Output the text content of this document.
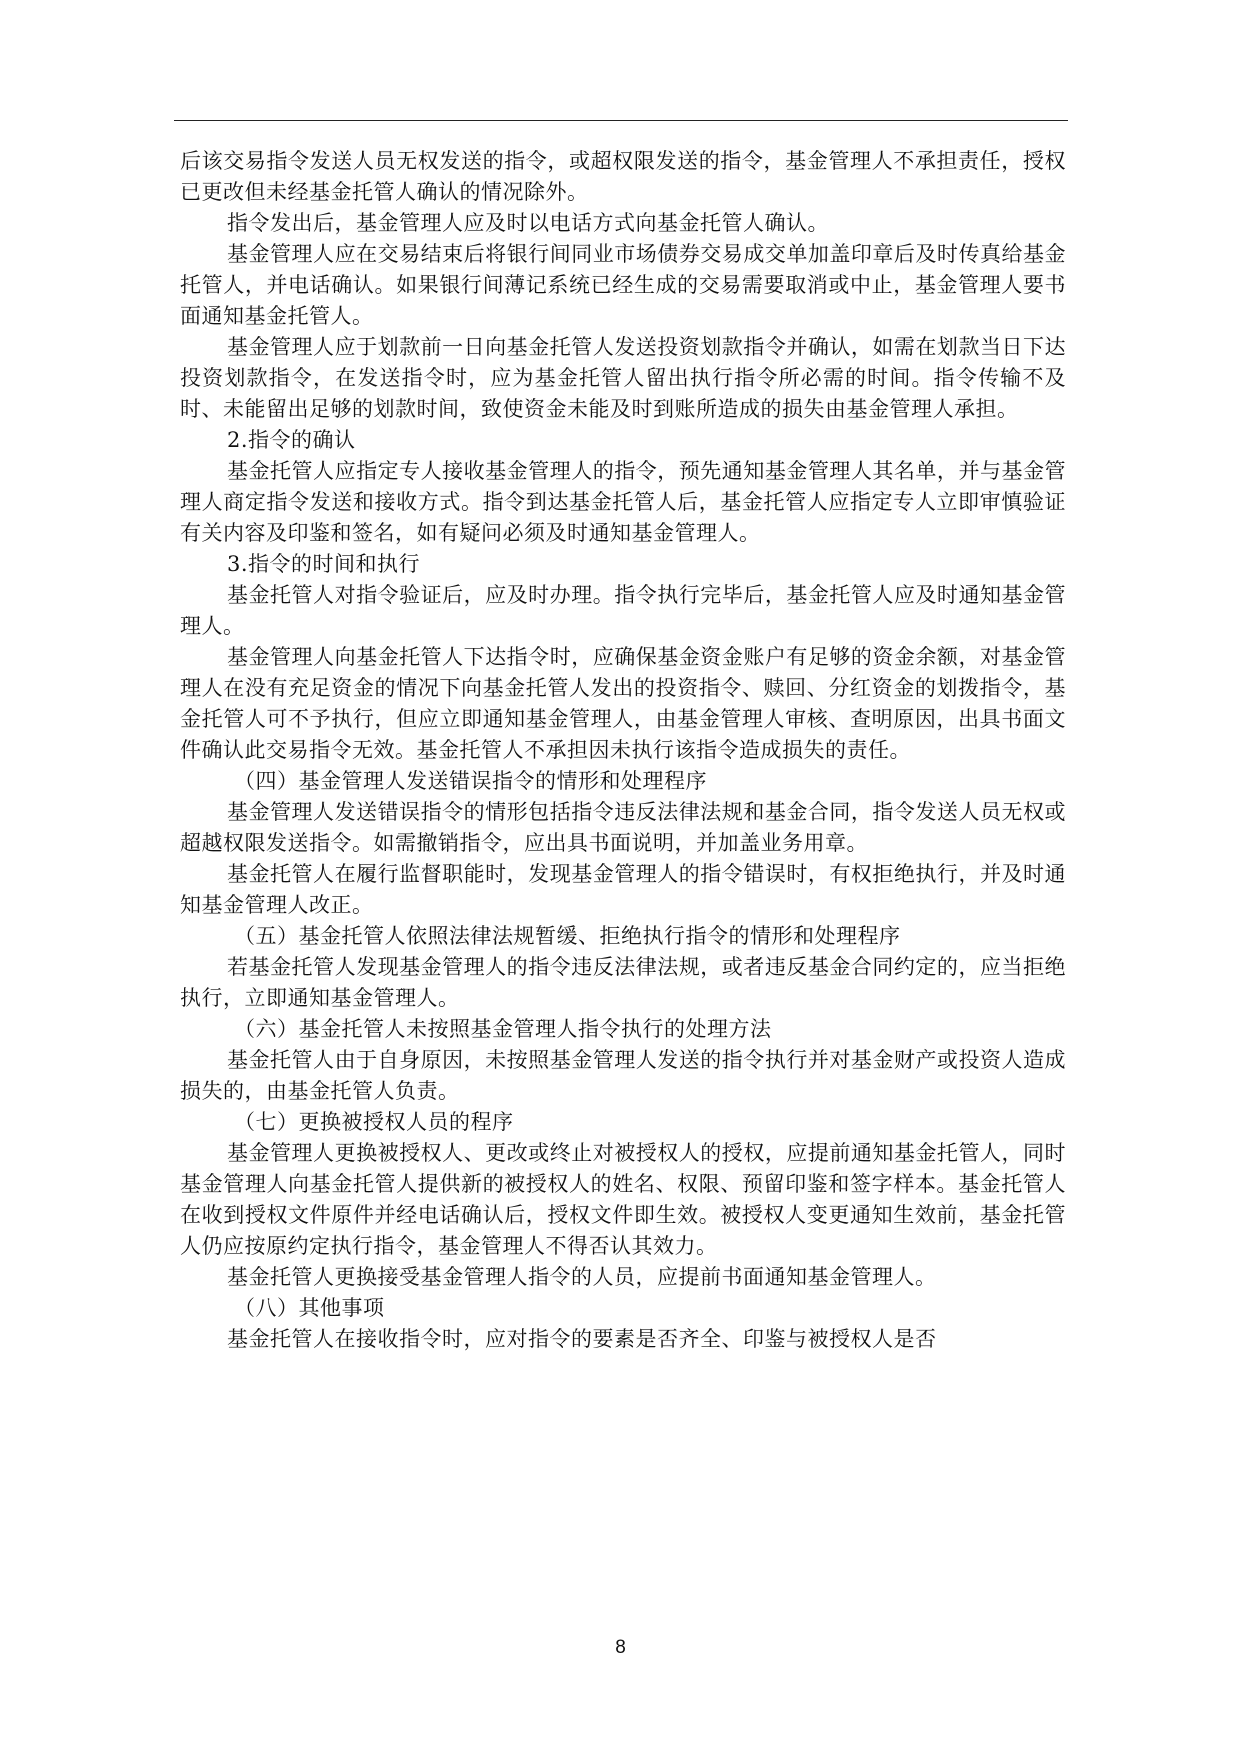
后该交易指令发送人员无权发送的指令，或超权限发送的指令，基金管理人不承担责任，授权已更改但未经基金托管人确认的情况除外。

指令发出后，基金管理人应及时以电话方式向基金托管人确认。

基金管理人应在交易结束后将银行间同业市场债券交易成交单加盖印章后及时传真给基金托管人，并电话确认。如果银行间薄记系统已经生成的交易需要取消或中止，基金管理人要书面通知基金托管人。

基金管理人应于划款前一日向基金托管人发送投资划款指令并确认，如需在划款当日下达投资划款指令，在发送指令时，应为基金托管人留出执行指令所必需的时间。指令传输不及时、未能留出足够的划款时间，致使资金未能及时到账所造成的损失由基金管理人承担。

2.指令的确认

基金托管人应指定专人接收基金管理人的指令，预先通知基金管理人其名单，并与基金管理人商定指令发送和接收方式。指令到达基金托管人后，基金托管人应指定专人立即审慎验证有关内容及印鉴和签名，如有疑问必须及时通知基金管理人。

3.指令的时间和执行

基金托管人对指令验证后，应及时办理。指令执行完毕后，基金托管人应及时通知基金管理人。

基金管理人向基金托管人下达指令时，应确保基金资金账户有足够的资金余额，对基金管理人在没有充足资金的情况下向基金托管人发出的投资指令、赎回、分红资金的划拨指令，基金托管人可不予执行，但应立即通知基金管理人，由基金管理人审核、查明原因，出具书面文件确认此交易指令无效。基金托管人不承担因未执行该指令造成损失的责任。

（四）基金管理人发送错误指令的情形和处理程序

基金管理人发送错误指令的情形包括指令违反法律法规和基金合同，指令发送人员无权或超越权限发送指令。如需撤销指令，应出具书面说明，并加盖业务用章。

基金托管人在履行监督职能时，发现基金管理人的指令错误时，有权拒绝执行，并及时通知基金管理人改正。

（五）基金托管人依照法律法规暂缓、拒绝执行指令的情形和处理程序

若基金托管人发现基金管理人的指令违反法律法规，或者违反基金合同约定的，应当拒绝执行，立即通知基金管理人。

（六）基金托管人未按照基金管理人指令执行的处理方法

基金托管人由于自身原因，未按照基金管理人发送的指令执行并对基金财产或投资人造成损失的，由基金托管人负责。

（七）更换被授权人员的程序

基金管理人更换被授权人、更改或终止对被授权人的授权，应提前通知基金托管人，同时基金管理人向基金托管人提供新的被授权人的姓名、权限、预留印鉴和签字样本。基金托管人在收到授权文件原件并经电话确认后，授权文件即生效。被授权人变更通知生效前，基金托管人仍应按原约定执行指令，基金管理人不得否认其效力。

基金托管人更换接受基金管理人指令的人员，应提前书面通知基金管理人。

（八）其他事项

基金托管人在接收指令时，应对指令的要素是否齐全、印鉴与被授权人是否

8
